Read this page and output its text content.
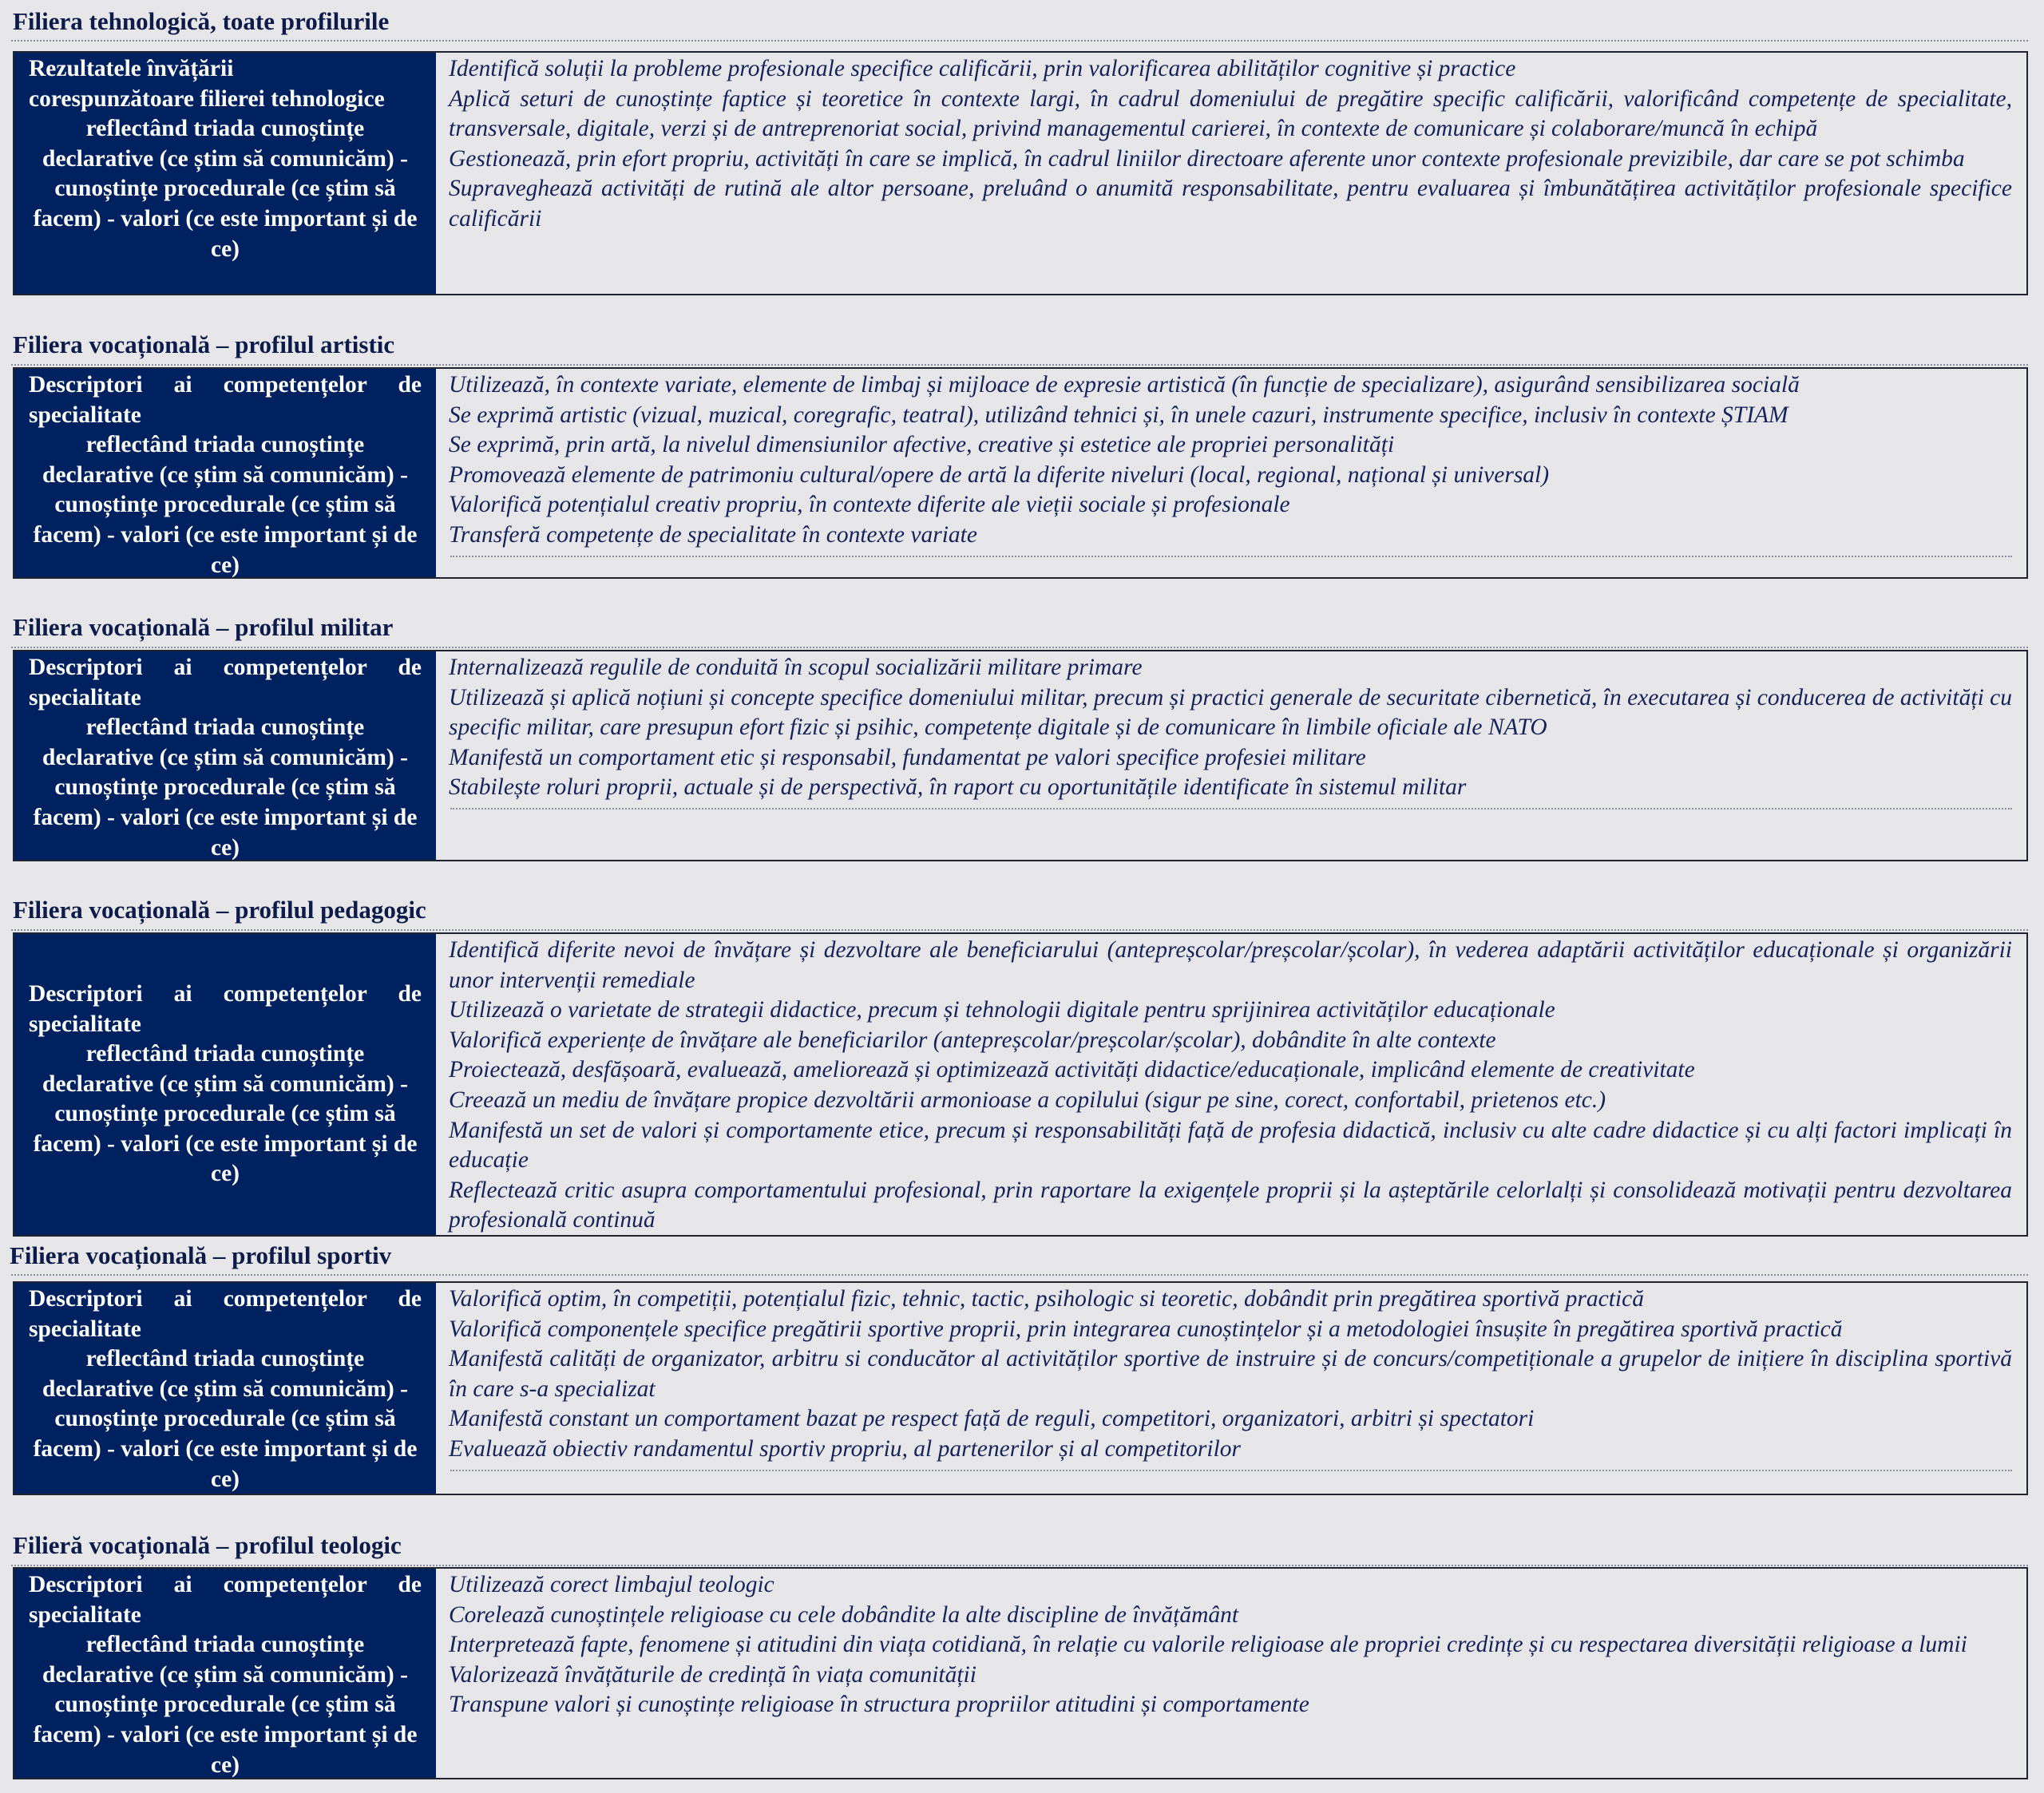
Filiera tehnologică, toate profilurile
Rezultatele învățării
corespunzătoare filierei tehnologice
reflectând triada cunoștințe declarative (ce știm să comunicăm) - cunoștințe procedurale (ce știm să facem) - valori (ce este important și de ce)

Identifică soluții la probleme profesionale specifice calificării, prin valorificarea abilităților cognitive și practice

Aplică seturi de cunoștințe faptice și teoretice în contexte largi, în cadrul domeniului de pregătire specific calificării, valorificând competențe de specialitate, transversale, digitale, verzi și de antreprenoriat social, privind managementul carierei, în contexte de comunicare și colaborare/muncă în echipă

Gestionează, prin efort propriu, activități în care se implică, în cadrul liniilor directoare aferente unor contexte profesionale previzibile, dar care se pot schimba

Supraveghează activități de rutină ale altor persoane, preluând o anumită responsabilitate, pentru evaluarea și îmbunătățirea activităților profesionale specifice calificării

Filiera vocațională – profilul artistic
Descriptori ai competențelor de
specialitate
reflectând triada cunoștințe declarative (ce știm să comunicăm) - cunoștințe procedurale (ce știm să facem) - valori (ce este important și de ce)

Utilizează, în contexte variate, elemente de limbaj și mijloace de expresie artistică (în funcție de specializare), asigurând sensibilizarea socială

Se exprimă artistic (vizual, muzical, coregrafic, teatral), utilizând tehnici și, în unele cazuri, instrumente specifice, inclusiv în contexte ȘTIAM

Se exprimă, prin artă, la nivelul dimensiunilor afective, creative și estetice ale propriei personalități

Promovează elemente de patrimoniu cultural/opere de artă la diferite niveluri (local, regional, național și universal)

Valorifică potențialul creativ propriu, în contexte diferite ale vieții sociale și profesionale

Transferă competențe de specialitate în contexte variate

Filiera vocațională – profilul militar
Descriptori ai competențelor de
specialitate
reflectând triada cunoștințe declarative (ce știm să comunicăm) - cunoștințe procedurale (ce știm să facem) - valori (ce este important și de ce)

Internalizează regulile de conduită în scopul socializării militare primare

Utilizează și aplică noțiuni și concepte specifice domeniului militar, precum și practici generale de securitate cibernetică, în executarea și conducerea de activități cu specific militar, care presupun efort fizic și psihic, competențe digitale și de comunicare în limbile oficiale ale NATO

Manifestă un comportament etic și responsabil, fundamentat pe valori specifice profesiei militare

Stabilește roluri proprii, actuale și de perspectivă, în raport cu oportunitățile identificate în sistemul militar

Filiera vocațională – profilul pedagogic
Descriptori ai competențelor de
specialitate
reflectând triada cunoștințe declarative (ce știm să comunicăm) - cunoștințe procedurale (ce știm să facem) - valori (ce este important și de ce)

Identifică diferite nevoi de învățare și dezvoltare ale beneficiarului (antepreșcolar/preșcolar/școlar), în vederea adaptării activităților educaționale și organizării unor intervenții remediale

Utilizează o varietate de strategii didactice, precum și tehnologii digitale pentru sprijinirea activităților educaționale

Valorifică experiențe de învățare ale beneficiarilor (antepreșcolar/preșcolar/școlar), dobândite în alte contexte

Proiectează, desfășoară, evaluează, ameliorează și optimizează activități didactice/educaționale, implicând elemente de creativitate

Creează un mediu de învățare propice dezvoltării armonioase a copilului (sigur pe sine, corect, confortabil, prietenos etc.)

Manifestă un set de valori și comportamente etice, precum și responsabilități față de profesia didactică, inclusiv cu alte cadre didactice și cu alți factori implicați în educație

Reflectează critic asupra comportamentului profesional, prin raportare la exigențele proprii și la așteptările celorlalți și consolidează motivații pentru dezvoltarea profesională continuă

Filiera vocațională – profilul sportiv
Descriptori ai competențelor de
specialitate
reflectând triada cunoștințe declarative (ce știm să comunicăm) - cunoștințe procedurale (ce știm să facem) - valori (ce este important și de ce)

Valorifică optim, în competiții, potențialul fizic, tehnic, tactic, psihologic si teoretic, dobândit prin pregătirea sportivă practică

Valorifică componențele specifice pregătirii sportive proprii, prin integrarea cunoștințelor și a metodologiei însușite în pregătirea sportivă practică

Manifestă calități de organizator, arbitru si conducător al activităților sportive de instruire și de concurs/competiționale a grupelor de inițiere în disciplina sportivă în care s-a specializat

Manifestă constant un comportament bazat pe respect față de reguli, competitori, organizatori, arbitri și spectatori

Evaluează obiectiv randamentul sportiv propriu, al partenerilor și al competitorilor

Filieră vocațională – profilul teologic
Descriptori ai competențelor de
specialitate
reflectând triada cunoștințe declarative (ce știm să comunicăm) - cunoștințe procedurale (ce știm să facem) - valori (ce este important și de ce)

Utilizează corect limbajul teologic

Corelează cunoștințele religioase cu cele dobândite la alte discipline de învățământ

Interpretează fapte, fenomene și atitudini din viața cotidiană, în relație cu valorile religioase ale propriei credințe și cu respectarea diversității religioase a lumii

Valorizează învățăturile de credință în viața comunității

Transpune valori și cunoștințe religioase în structura propriilor atitudini și comportamente
